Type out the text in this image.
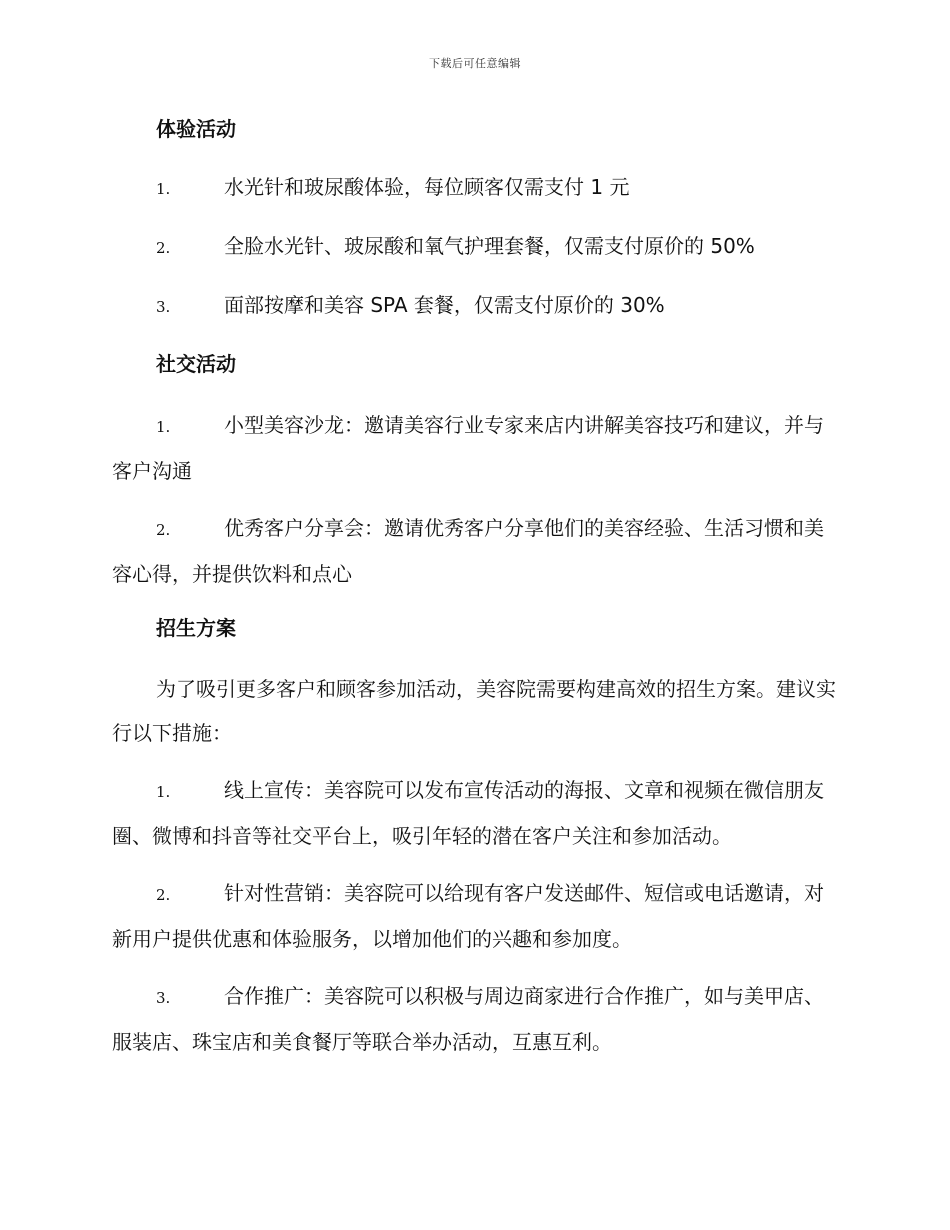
下载后可任意编辑
体验活动
1.	水光针和玻尿酸体验，每位顾客仅需支付 1 元
2.	全脸水光针、玻尿酸和氧气护理套餐，仅需支付原价的 50%
3.	面部按摩和美容 SPA 套餐，仅需支付原价的 30%
社交活动
1.	小型美容沙龙：邀请美容行业专家来店内讲解美容技巧和建议，并与客户沟通
2.	优秀客户分享会：邀请优秀客户分享他们的美容经验、生活习惯和美容心得，并提供饮料和点心
招生方案
为了吸引更多客户和顾客参加活动，美容院需要构建高效的招生方案。建议实行以下措施：
1.	线上宣传：美容院可以发布宣传活动的海报、文章和视频在微信朋友圈、微博和抖音等社交平台上，吸引年轻的潜在客户关注和参加活动。
2.	针对性营销：美容院可以给现有客户发送邮件、短信或电话邀请，对新用户提供优惠和体验服务，以增加他们的兴趣和参加度。
3.	合作推广：美容院可以积极与周边商家进行合作推广，如与美甲店、服装店、珠宝店和美食餐厅等联合举办活动，互惠互利。
